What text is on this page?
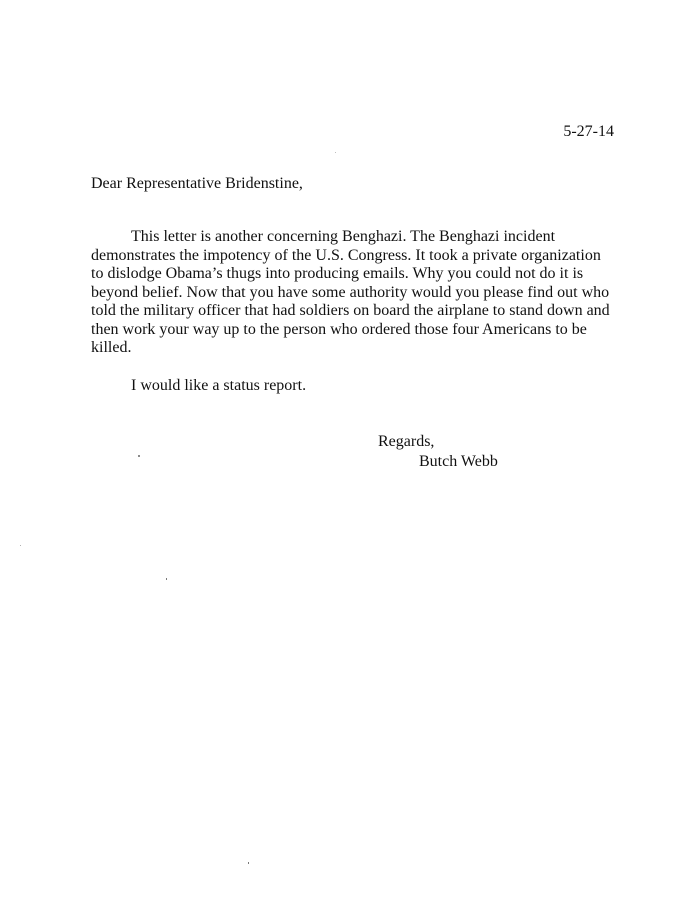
5-27-14
Dear Representative Bridenstine,
This letter is another concerning Benghazi. The Benghazi incident
demonstrates the impotency of the U.S. Congress. It took a private organization
to dislodge Obama’s thugs into producing emails. Why you could not do it is
beyond belief. Now that you have some authority would you please find out who
told the military officer that had soldiers on board the airplane to stand down and
then work your way up to the person who ordered those four Americans to be
killed.
I would like a status report.
Regards,
Butch Webb
